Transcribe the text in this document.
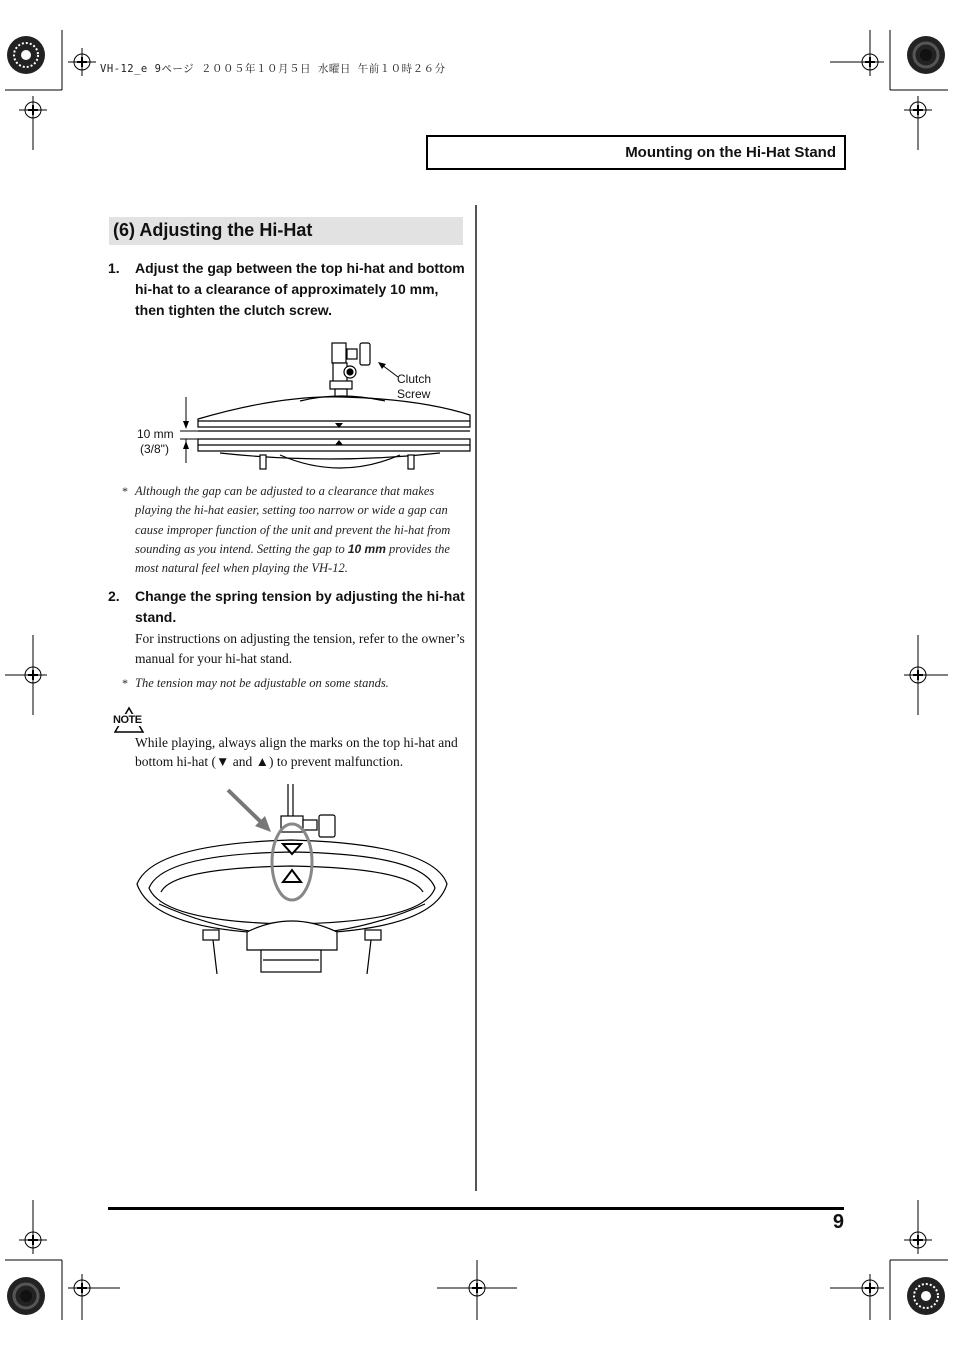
VH-12_e 9ページ ２００５年１０月５日 水曜日 午前１０時２６分
Mounting on the Hi-Hat Stand
(6) Adjusting the Hi-Hat
1. Adjust the gap between the top hi-hat and bottom hi-hat to a clearance of approximately 10 mm, then tighten the clutch screw.
Clutch
Screw
10 mm
(3/8")
* Although the gap can be adjusted to a clearance that makes playing the hi-hat easier, setting too narrow or wide a gap can cause improper function of the unit and prevent the hi-hat from sounding as you intend. Setting the gap to 10 mm provides the most natural feel when playing the VH-12.
2. Change the spring tension by adjusting the hi-hat stand.
For instructions on adjusting the tension, refer to the owner’s manual for your hi-hat stand.
* The tension may not be adjustable on some stands.
NOTE
While playing, always align the marks on the top hi-hat and bottom hi-hat (▼ and ▲) to prevent malfunction.
9
